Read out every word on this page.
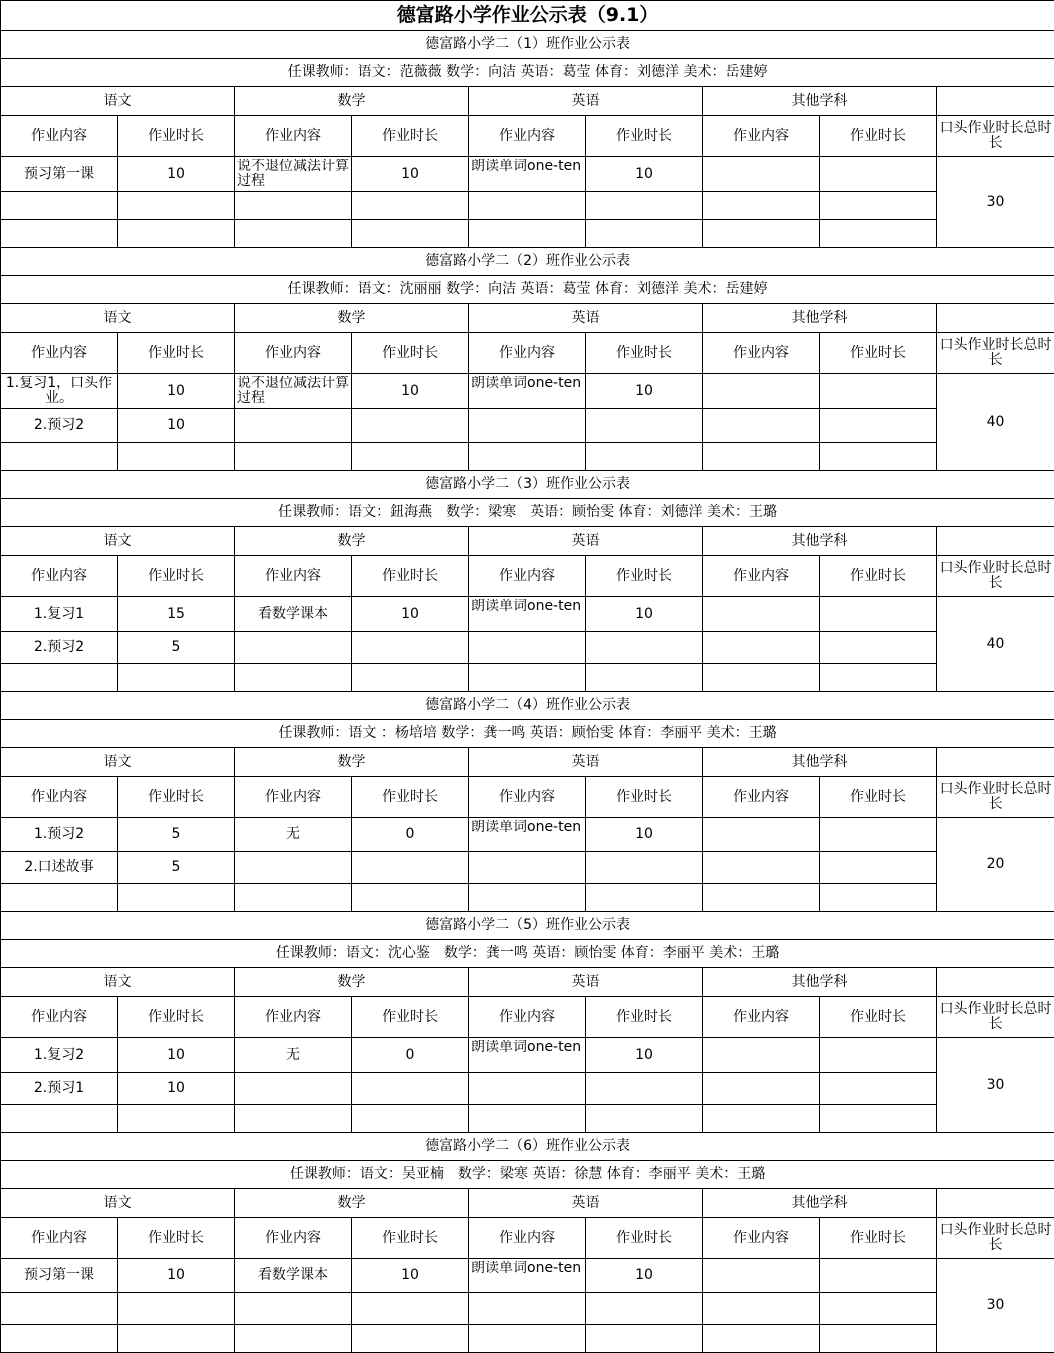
德富路小学作业公示表（9.1）								
德富路小学二（1）班作业公示表								
任课教师：语文：范薇薇 数学：向洁 英语：葛莹 体育：刘德洋 美术：岳建婷								
语文		数学		英语		其他学科		
作业内容	作业时长	作业内容	作业时长	作业内容	作业时长	作业内容	作业时长	口头作业时长总时长
预习第一课	10	说不退位减法计算过程	10	朗读单词one-ten	10			30

德富路小学二（2）班作业公示表								
任课教师：语文：沈丽丽 数学：向洁 英语：葛莹 体育：刘德洋 美术：岳建婷								
语文		数学		英语		其他学科		
作业内容	作业时长	作业内容	作业时长	作业内容	作业时长	作业内容	作业时长	口头作业时长总时长

1.复习1，口头作业。	10	说不退位减法计算过程	10	朗读单词one-ten	10			40
2.预习2	10							

德富路小学二（3）班作业公示表								
任课教师：语文：鈕海燕　数学：梁寒　英语：顾怡雯 体育：刘德洋 美术：王璐								
语文		数学		英语		其他学科		
作业内容	作业时长	作业内容	作业时长	作业内容	作业时长	作业内容	作业时长	口头作业时长总时长
1.复习1	15	看数学课本	10	朗读单词one-ten	10			40
2.预习2	5							

德富路小学二（4）班作业公示表								
任课教师：语文 ：杨培培 数学：龚一鸣 英语：顾怡雯 体育：李丽平 美术：王璐								
语文		数学		英语		其他学科		
作业内容	作业时长	作业内容	作业时长	作业内容	作业时长	作业内容	作业时长	口头作业时长总时长
1.预习2	5	无	0	朗读单词one-ten	10			20
2.口述故事	5							

德富路小学二（5）班作业公示表								
任课教师：语文：沈心鉴　数学：龚一鸣 英语：顾怡雯 体育：李丽平 美术：王璐								
语文		数学		英语		其他学科		
作业内容	作业时长	作业内容	作业时长	作业内容	作业时长	作业内容	作业时长	口头作业时长总时长
1.复习2	10	无	0	朗读单词one-ten	10			30
2.预习1	10							

德富路小学二（6）班作业公示表								
任课教师：语文：吴亚楠　数学：梁寒 英语：徐慧 体育：李丽平 美术：王璐								
语文		数学		英语		其他学科		
作业内容	作业时长	作业内容	作业时长	作业内容	作业时长	作业内容	作业时长	口头作业时长总时长
预习第一课	10	看数学课本	10	朗读单词one-ten	10			30
